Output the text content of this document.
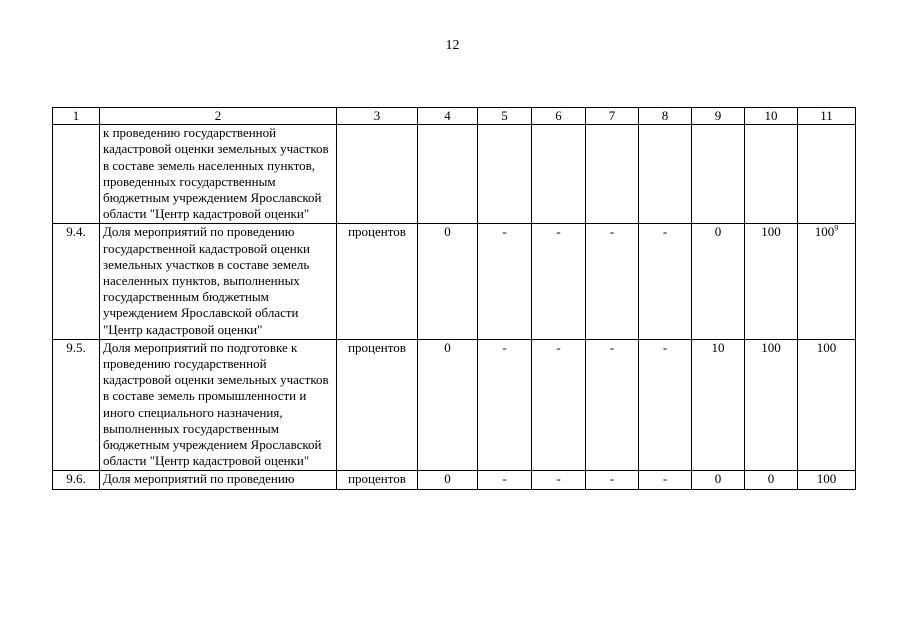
12
1	2	3	4	5	6	7	8	9	10	11
	к проведению государственной кадастровой оценки земельных участков в составе земель населенных пунктов, проведенных государственным бюджетным учреждением Ярославской области "Центр кадастровой оценки"									
9.4.	Доля мероприятий по проведению государственной кадастровой оценки земельных участков в составе земель населенных пунктов, выполненных государственным бюджетным учреждением Ярославской области "Центр кадастровой оценки"	процентов	0	-	-	-	-	0	100	$100^9$
9.5.	Доля мероприятий по подготовке к проведению государственной кадастровой оценки земельных участков в составе земель промышленности и иного специального назначения, выполненных государственным бюджетным учреждением Ярославской области "Центр кадастровой оценки"	процентов	0	-	-	-	-	10	100	100
9.6.	Доля мероприятий по проведению	процентов	0	-	-	-	-	0	0	100
